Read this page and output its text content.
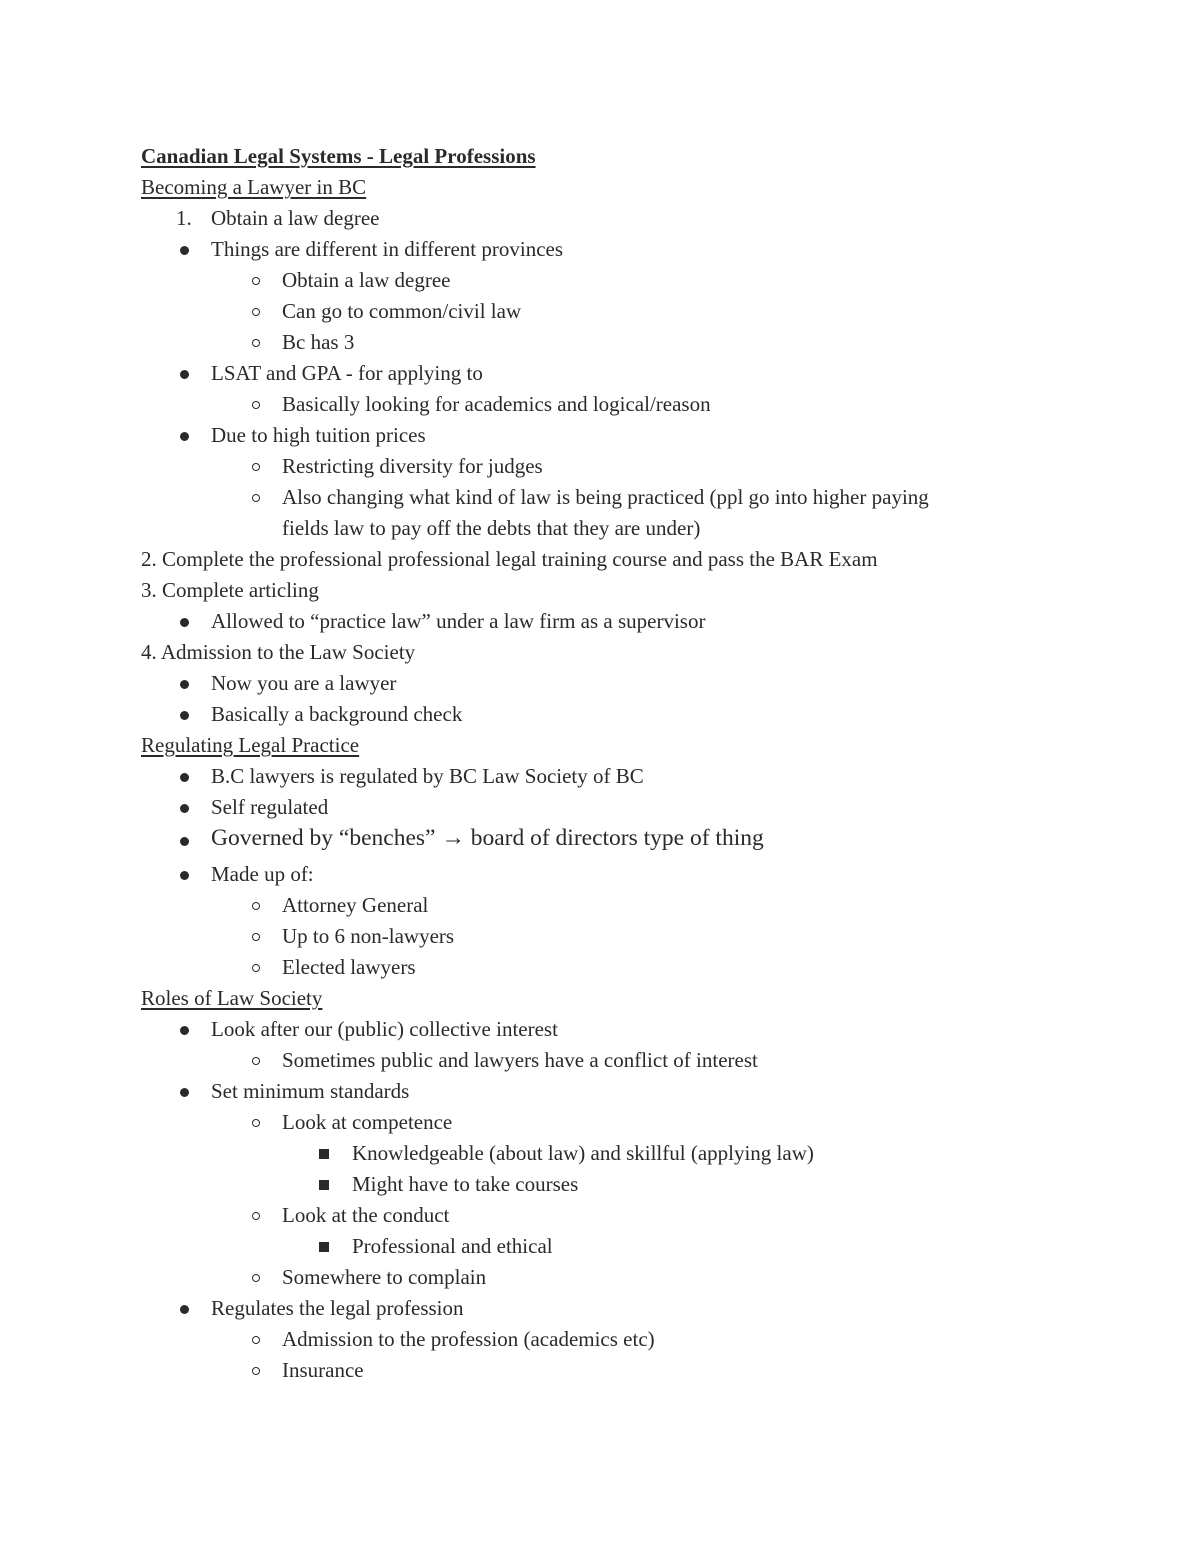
Canadian Legal Systems - Legal Professions
Becoming a Lawyer in BC
1. Obtain a law degree
Things are different in different provinces
Obtain a law degree
Can go to common/civil law
Bc has 3
LSAT and GPA - for applying to
Basically looking for academics and logical/reason
Due to high tuition prices
Restricting diversity for judges
Also changing what kind of law is being practiced (ppl go into higher paying
fields law to pay off the debts that they are under)
2. Complete the professional professional legal training course and pass the BAR Exam
3. Complete articling
Allowed to “practice law” under a law firm as a supervisor
4. Admission to the Law Society
Now you are a lawyer
Basically a background check
Regulating Legal Practice
B.C lawyers is regulated by BC Law Society of BC
Self regulated
Governed by “benches” → board of directors type of thing
Made up of:
Attorney General
Up to 6 non-lawyers
Elected lawyers
Roles of Law Society
Look after our (public) collective interest
Sometimes public and lawyers have a conflict of interest
Set minimum standards
Look at competence
Knowledgeable (about law) and skillful (applying law)
Might have to take courses
Look at the conduct
Professional and ethical
Somewhere to complain
Regulates the legal profession
Admission to the profession (academics etc)
Insurance
